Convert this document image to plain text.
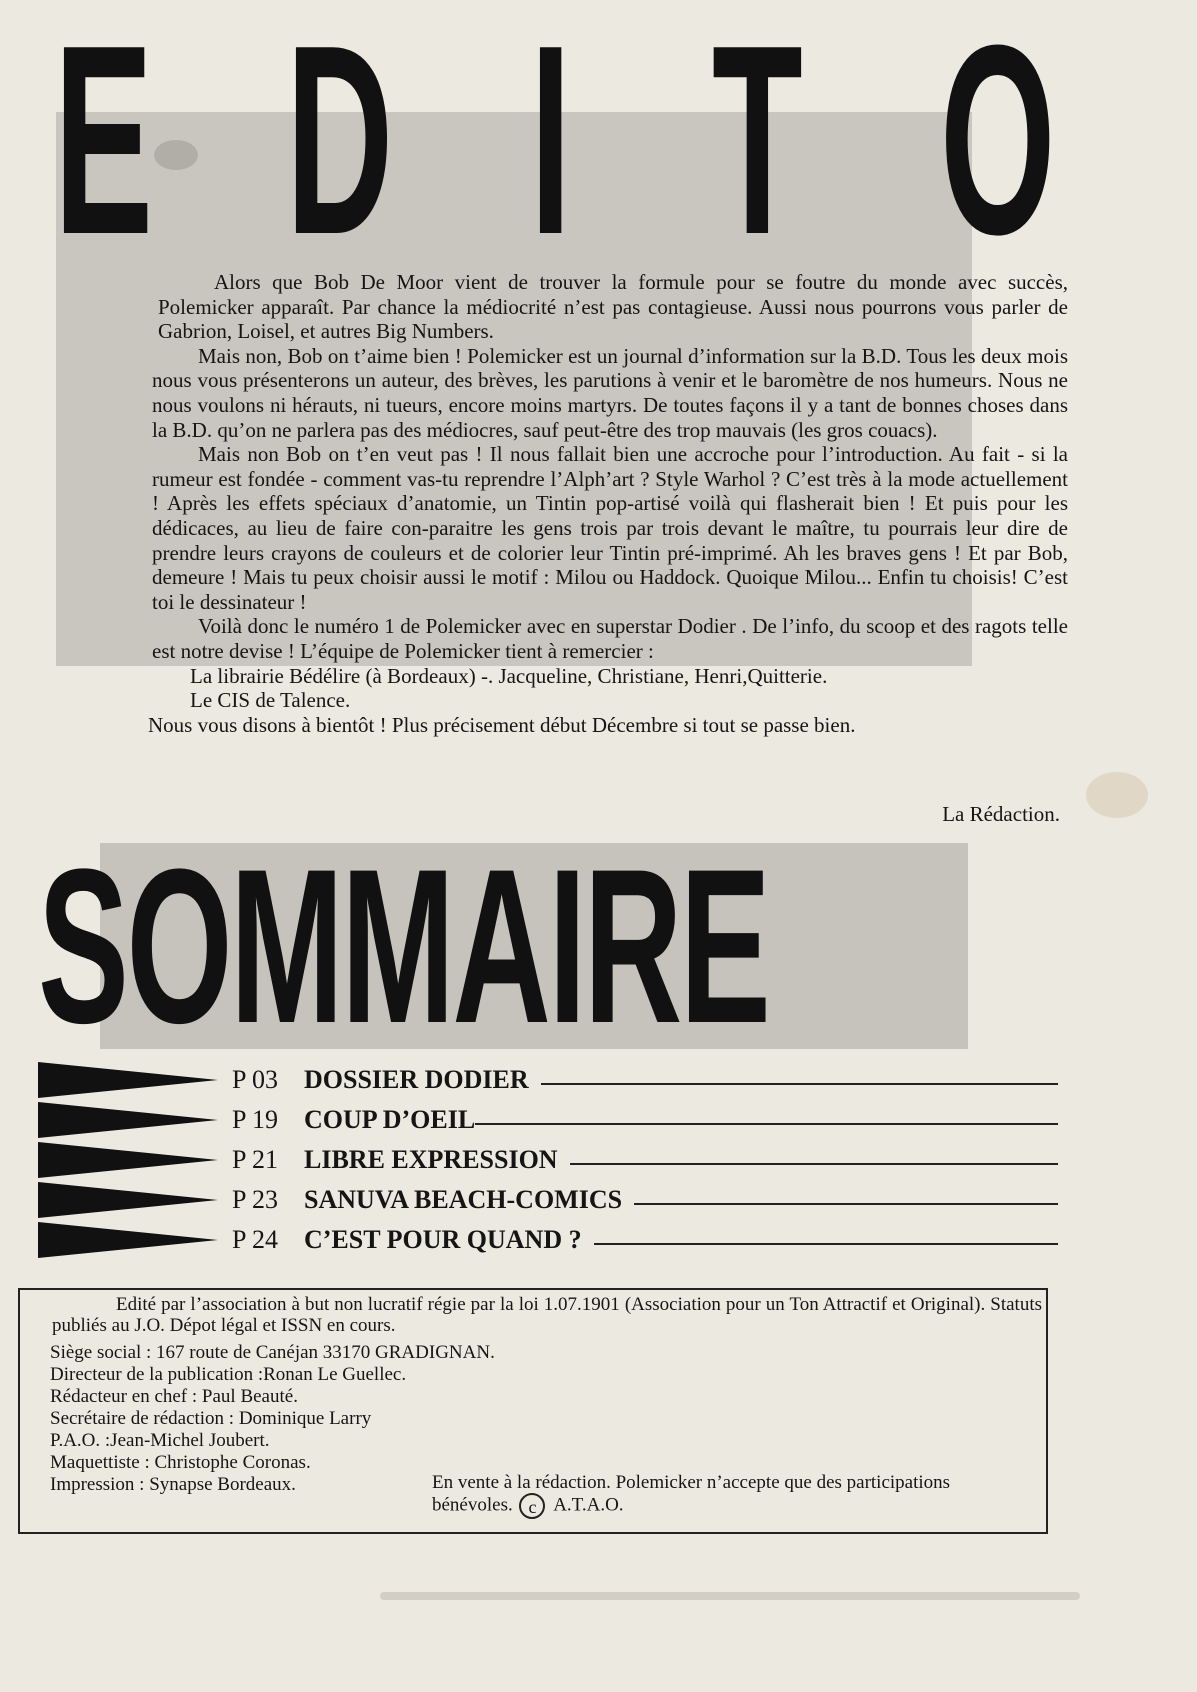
E D I T O

Alors que Bob De Moor vient de trouver la formule pour se foutre du monde avec succès, Polemicker apparaît. Par chance la médiocrité n’est pas contagieuse. Aussi nous pourrons vous parler de Gabrion, Loisel, et autres Big Numbers.

Mais non, Bob on t’aime bien ! Polemicker est un journal d’information sur la B.D. Tous les deux mois nous vous présenterons un auteur, des brèves, les parutions à venir et le baromètre de nos humeurs. Nous ne nous voulons ni hérauts, ni tueurs, encore moins martyrs. De toutes façons il y a tant de bonnes choses dans la B.D. qu’on ne parlera pas des médiocres, sauf peut-être des trop mauvais (les gros couacs).

Mais non Bob on t’en veut pas ! Il nous fallait bien une accroche pour l’introduction. Au fait - si la rumeur est fondée - comment vas-tu reprendre l’Alph’art ? Style Warhol ? C’est très à la mode actuellement ! Après les effets spéciaux d’anatomie, un Tintin pop-artisé voilà qui flasherait bien ! Et puis pour les dédicaces, au lieu de faire con-paraitre les gens trois par trois devant le maître, tu pourrais leur dire de prendre leurs crayons de couleurs et de colorier leur Tintin pré-imprimé. Ah les braves gens ! Et par Bob, demeure ! Mais tu peux choisir aussi le motif : Milou ou Haddock. Quoique Milou... Enfin tu choisis! C’est toi le dessinateur !

Voilà donc le numéro 1 de Polemicker avec en superstar Dodier . De l’info, du scoop et des ragots telle est notre devise ! L’équipe de Polemicker tient à remercier :

La librairie Bédélire (à Bordeaux) -. Jacqueline, Christiane, Henri,Quitterie.

Le CIS de Talence.

Nous vous disons à bientôt ! Plus précisement début Décembre si tout se passe bien.

La Rédaction.
SOMMAIRE
P 03	DOSSIER DODIER
P 19	COUP D’OEIL
P 21	LIBRE EXPRESSION
P 23	SANUVA BEACH-COMICS
P 24	C’EST POUR QUAND ?
Edité par l’association à but non lucratif régie par la loi 1.07.1901 (Association pour un Ton Attractif et Original). Statuts publiés au J.O. Dépot légal et ISSN en cours.
Siège social : 167 route de Canéjan 33170 GRADIGNAN.
Directeur de la publication :Ronan Le Guellec.
Rédacteur en chef : Paul Beauté.
Secrétaire de rédaction : Dominique Larry
P.A.O. :Jean-Michel Joubert.
Maquettiste : Christophe Coronas.
Impression : Synapse Bordeaux.	En vente à la rédaction. Polemicker n’accepte que des participations bénévoles. c A.T.A.O.
